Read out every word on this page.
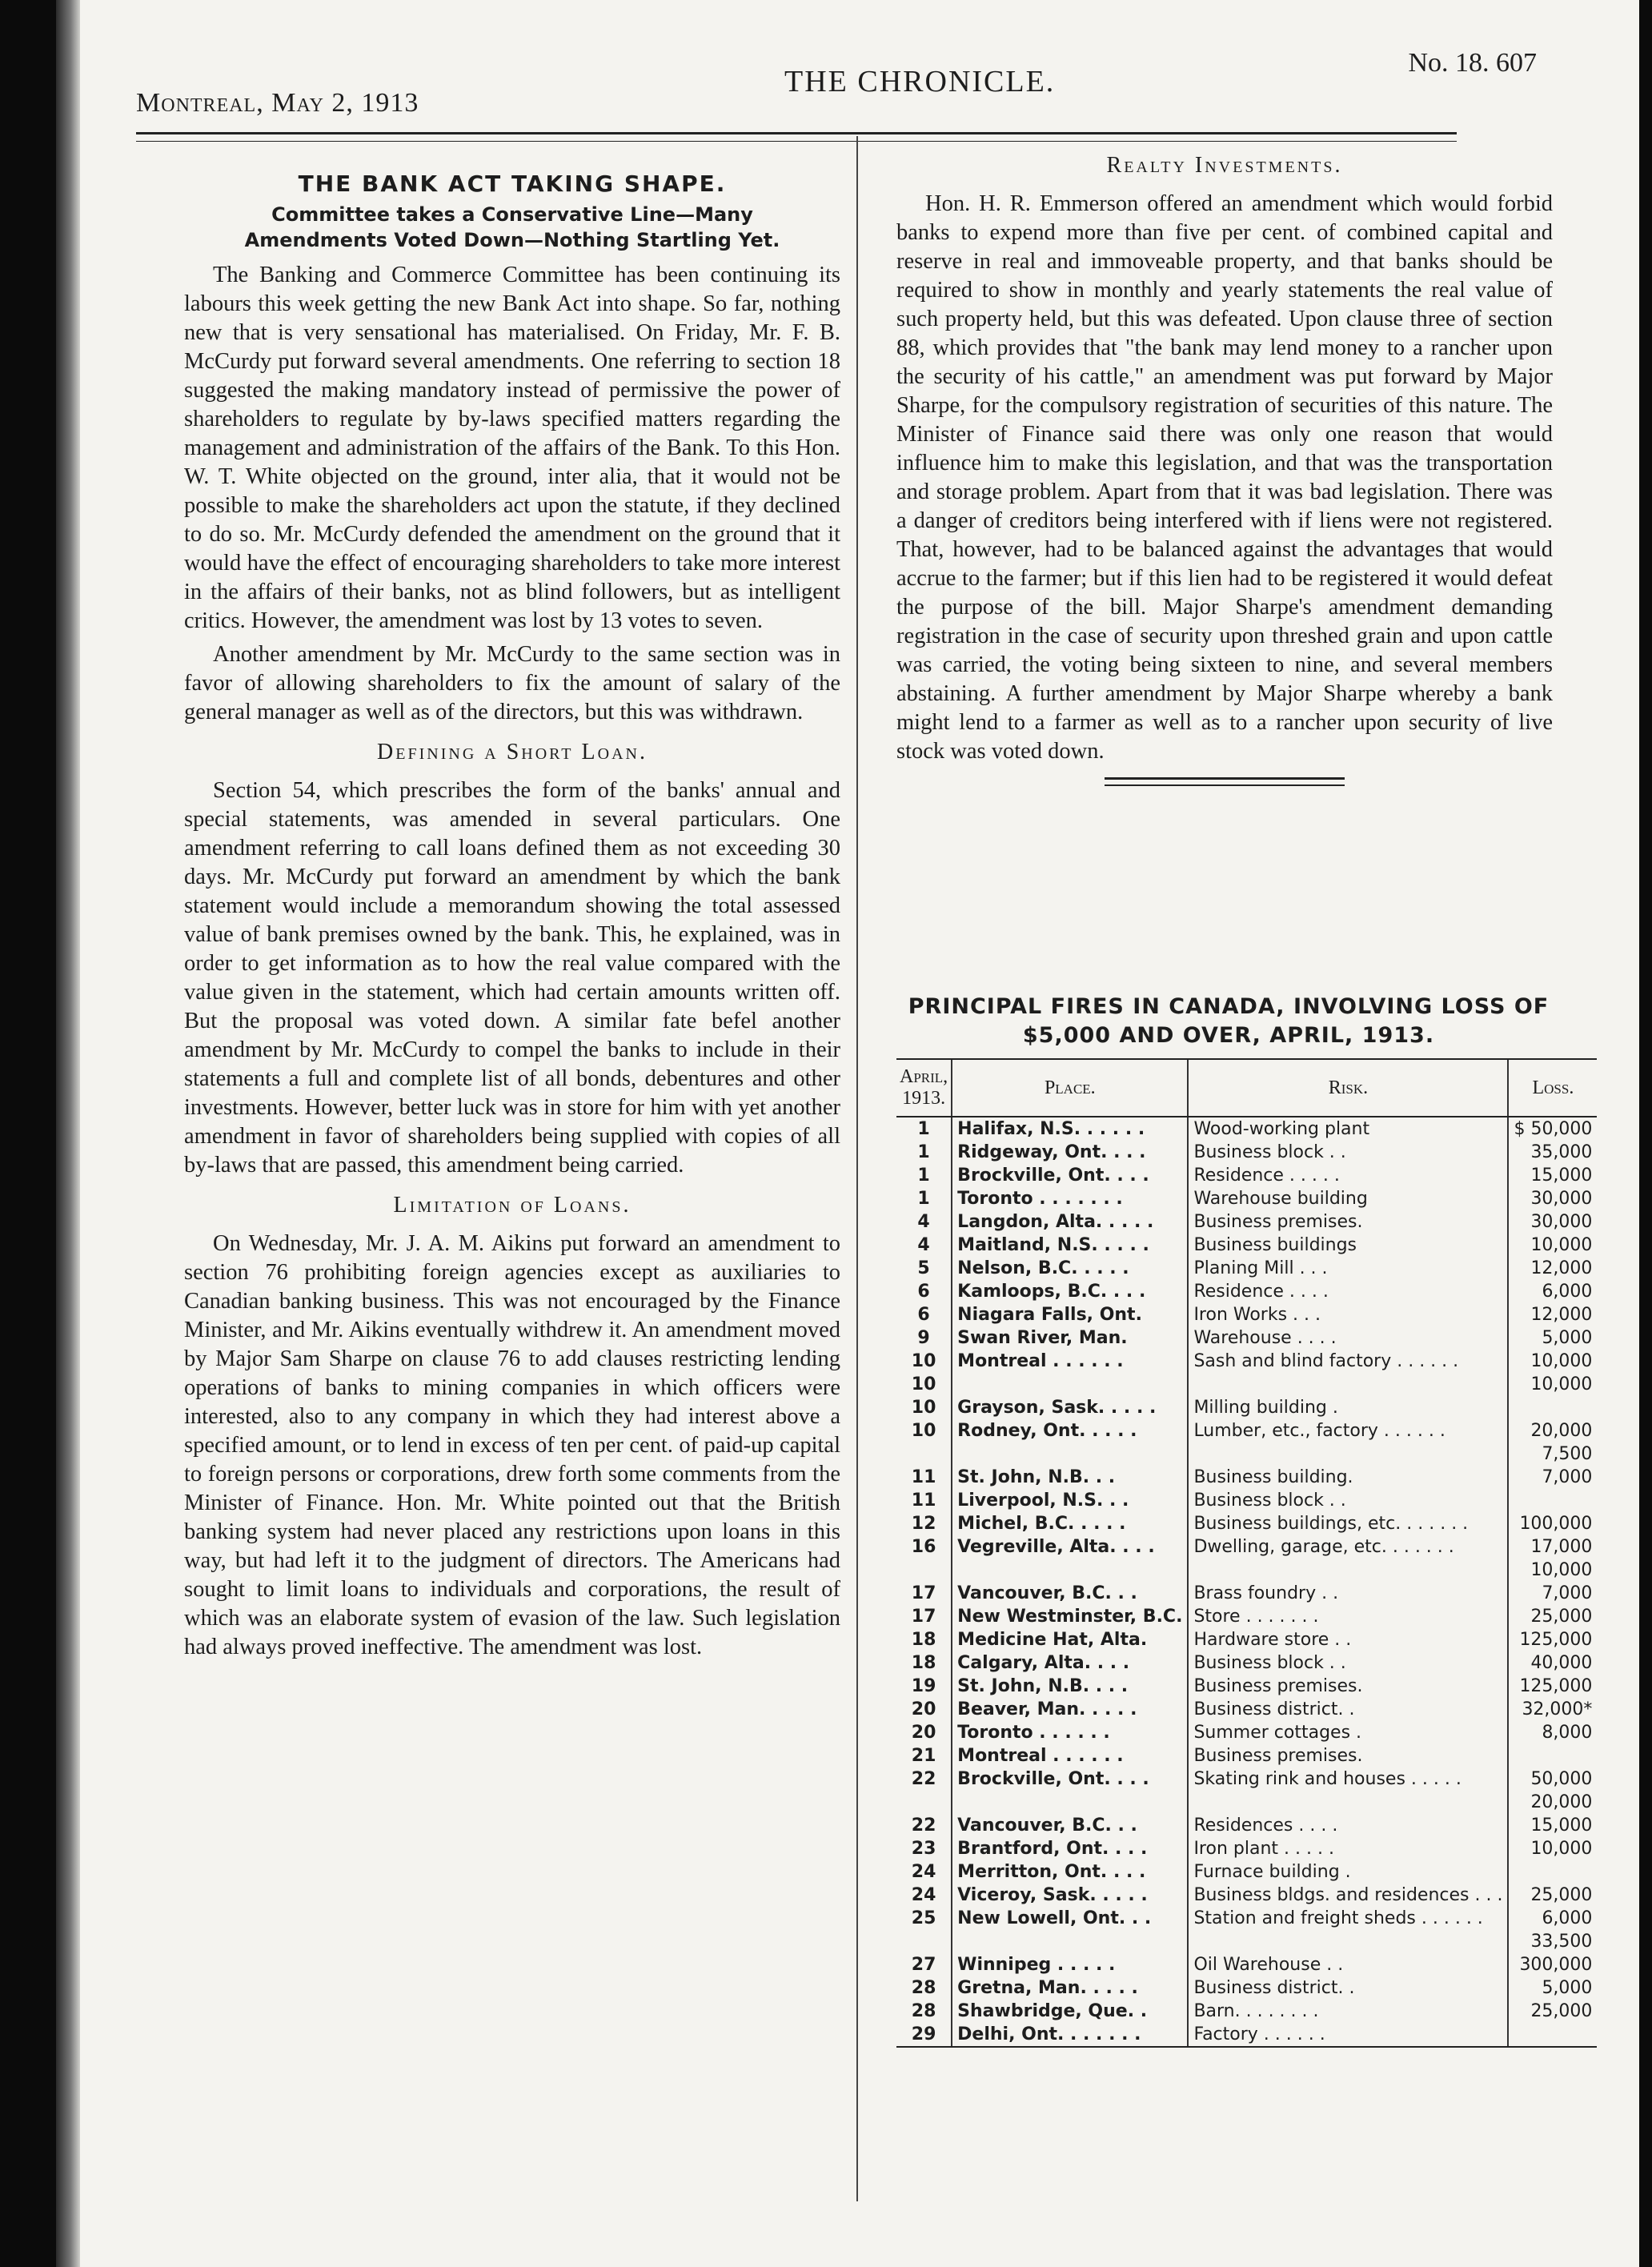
Montreal, May 2, 1913
THE CHRONICLE.
No. 18. 607
THE BANK ACT TAKING SHAPE.
Committee takes a Conservative Line—Many Amendments Voted Down—Nothing Startling Yet.

The Banking and Commerce Committee has been continuing its labours this week getting the new Bank Act into shape. So far, nothing new that is very sensational has materialised. On Friday, Mr. F. B. McCurdy put forward several amendments. One referring to section 18 suggested the making mandatory instead of permissive the power of shareholders to regulate by by-laws specified matters regarding the management and administration of the affairs of the Bank. To this Hon. W. T. White objected on the ground, inter alia, that it would not be possible to make the shareholders act upon the statute, if they declined to do so. Mr. McCurdy defended the amendment on the ground that it would have the effect of encouraging shareholders to take more interest in the affairs of their banks, not as blind followers, but as intelligent critics. However, the amendment was lost by 13 votes to seven.

Another amendment by Mr. McCurdy to the same section was in favor of allowing shareholders to fix the amount of salary of the general manager as well as of the directors, but this was withdrawn.

Defining a Short Loan.

Section 54, which prescribes the form of the banks' annual and special statements, was amended in several particulars. One amendment referring to call loans defined them as not exceeding 30 days. Mr. McCurdy put forward an amendment by which the bank statement would include a memorandum showing the total assessed value of bank premises owned by the bank. This, he explained, was in order to get information as to how the real value compared with the value given in the statement, which had certain amounts written off. But the proposal was voted down. A similar fate befel another amendment by Mr. McCurdy to compel the banks to include in their statements a full and complete list of all bonds, debentures and other investments. However, better luck was in store for him with yet another amendment in favor of shareholders being supplied with copies of all by-laws that are passed, this amendment being carried.

Limitation of Loans.

On Wednesday, Mr. J. A. M. Aikins put forward an amendment to section 76 prohibiting foreign agencies except as auxiliaries to Canadian banking business. This was not encouraged by the Finance Minister, and Mr. Aikins eventually withdrew it. An amendment moved by Major Sam Sharpe on clause 76 to add clauses restricting lending operations of banks to mining companies in which officers were interested, also to any company in which they had interest above a specified amount, or to lend in excess of ten per cent. of paid-up capital to foreign persons or corporations, drew forth some comments from the Minister of Finance. Hon. Mr. White pointed out that the British banking system had never placed any restrictions upon loans in this way, but had left it to the judgment of directors. The Americans had sought to limit loans to individuals and corporations, the result of which was an elaborate system of evasion of the law. Such legislation had always proved ineffective. The amendment was lost.

Realty Investments.

Hon. H. R. Emmerson offered an amendment which would forbid banks to expend more than five per cent. of combined capital and reserve in real and immoveable property, and that banks should be required to show in monthly and yearly statements the real value of such property held, but this was defeated. Upon clause three of section 88, which provides that "the bank may lend money to a rancher upon the security of his cattle," an amendment was put forward by Major Sharpe, for the compulsory registration of securities of this nature. The Minister of Finance said there was only one reason that would influence him to make this legislation, and that was the transportation and storage problem. Apart from that it was bad legislation. There was a danger of creditors being interfered with if liens were not registered. That, however, had to be balanced against the advantages that would accrue to the farmer; but if this lien had to be registered it would defeat the purpose of the bill. Major Sharpe's amendment demanding registration in the case of security upon threshed grain and upon cattle was carried, the voting being sixteen to nine, and several members abstaining. A further amendment by Major Sharpe whereby a bank might lend to a farmer as well as to a rancher upon security of live stock was voted down.

PRINCIPAL FIRES IN CANADA, INVOLVING LOSS OF $5,000 AND OVER, APRIL, 1913.
April, 1913.	Place.	Risk.	Loss.
1	Halifax, N.S. . . . . .	Wood-working plant	$ 50,000
1	Ridgeway, Ont. . . .	Business block . .	35,000
1	Brockville, Ont. . . .	Residence . . . . .	15,000
1	Toronto . . . . . . .	Warehouse building	30,000
4	Langdon, Alta. . . . .	Business premises.	30,000
4	Maitland, N.S. . . . .	Business buildings	10,000
5	Nelson, B.C. . . . .	Planing Mill . . .	12,000
6	Kamloops, B.C. . . .	Residence . . . .	6,000
6	Niagara Falls, Ont.	Iron Works . . .	12,000
9	Swan River, Man.	Warehouse . . . .	5,000
10	Montreal . . . . . .	Sash and blind factory . . . . . .	10,000
10			10,000
10	Grayson, Sask. . . . .	Milling building .	
10	Rodney, Ont. . . . .	Lumber, etc., factory . . . . . .	20,000
			7,500
11	St. John, N.B. . .	Business building.	7,000
11	Liverpool, N.S. . .	Business block . .	
12	Michel, B.C. . . . .	Business buildings, etc. . . . . . .	100,000
16	Vegreville, Alta. . . .	Dwelling, garage, etc. . . . . . .	17,000
			10,000
17	Vancouver, B.C. . .	Brass foundry . .	7,000
17	New Westminster, B.C.	Store . . . . . . .	25,000
18	Medicine Hat, Alta.	Hardware store . .	125,000
18	Calgary, Alta. . . .	Business block . .	40,000
19	St. John, N.B. . . .	Business premises.	125,000
20	Beaver, Man. . . . .	Business district. .	32,000*
20	Toronto . . . . . .	Summer cottages .	8,000
21	Montreal . . . . . .	Business premises.	
22	Brockville, Ont. . . .	Skating rink and houses . . . . .	50,000
			20,000
22	Vancouver, B.C. . .	Residences . . . .	15,000
23	Brantford, Ont. . . .	Iron plant . . . . .	10,000
24	Merritton, Ont. . . .	Furnace building .	
24	Viceroy, Sask. . . . .	Business bldgs. and residences . . .	25,000
25	New Lowell, Ont. . .	Station and freight sheds . . . . . .	6,000
			33,500
27	Winnipeg . . . . .	Oil Warehouse . .	300,000
28	Gretna, Man. . . . .	Business district. .	5,000
28	Shawbridge, Que. .	Barn. . . . . . . .	25,000
29	Delhi, Ont. . . . . . .	Factory . . . . . .	
